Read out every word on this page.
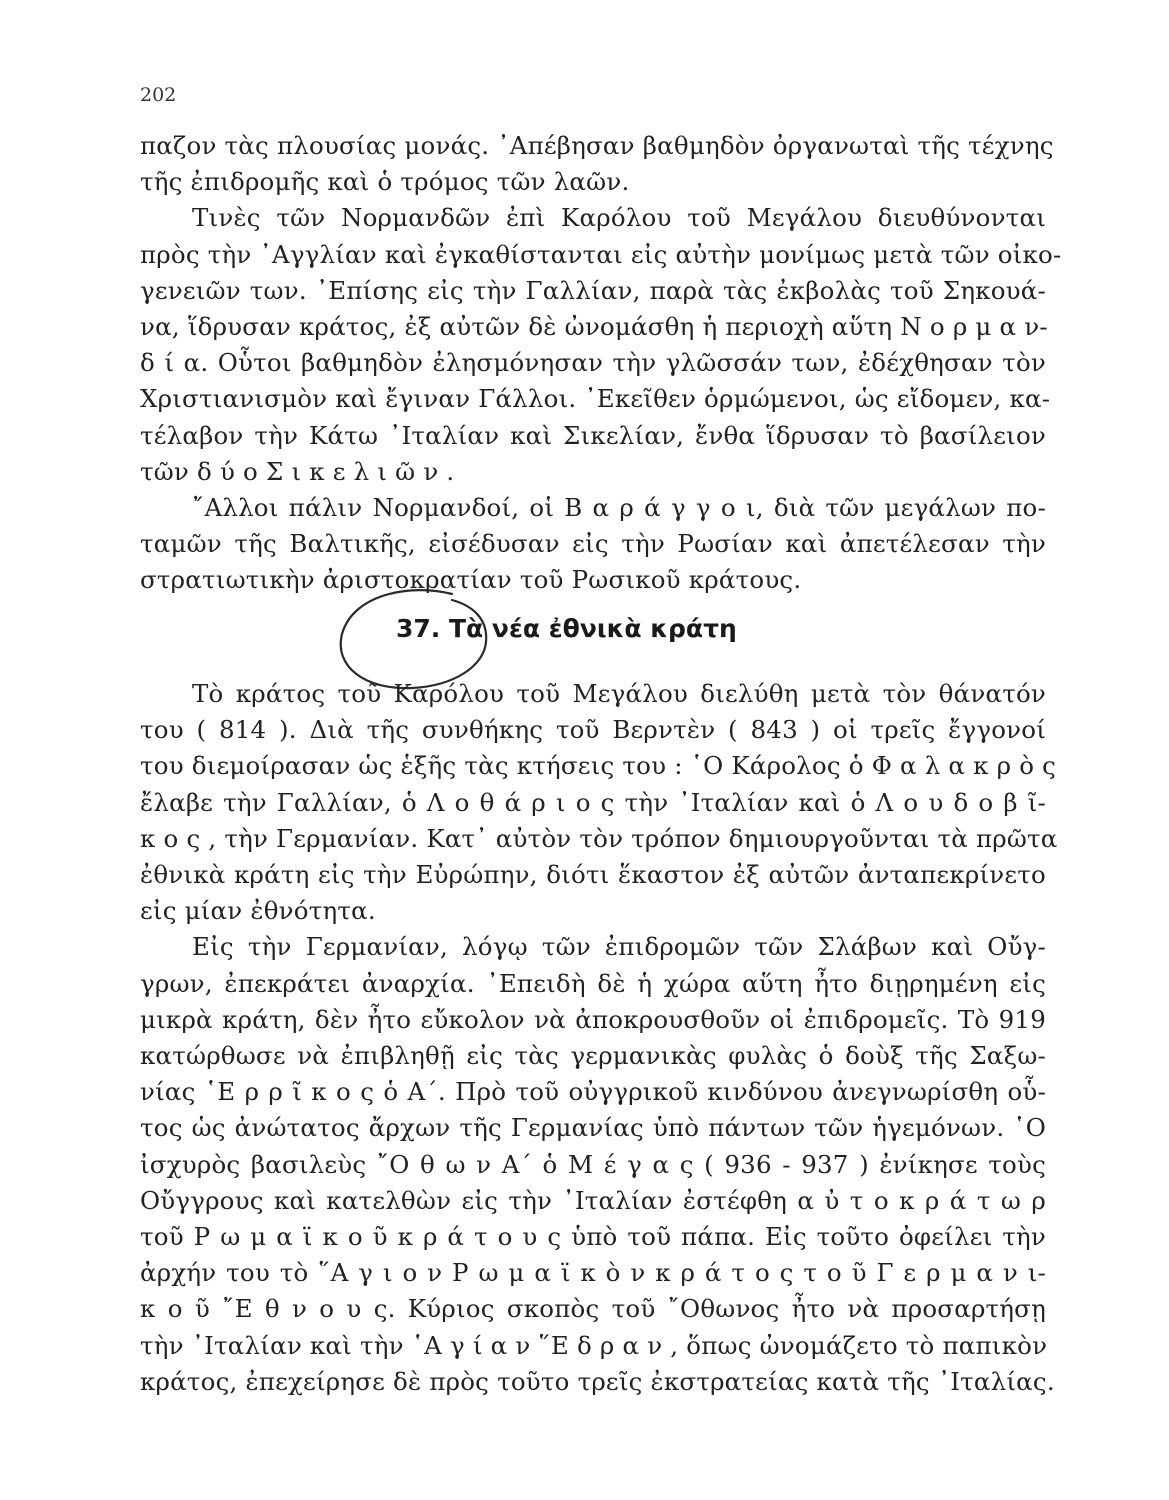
202
παζον τὰς πλουσίας μονάς. ᾿Απέβησαν βαθμηδὸν ὀργανωταὶ τῆς τέχνης
τῆς ἐπιδρομῆς καὶ ὁ τρόμος τῶν λαῶν.
Τινὲς τῶν Νορμανδῶν ἐπὶ Καρόλου τοῦ Μεγάλου διευθύνονται
πρὸς τὴν ᾿Αγγλίαν καὶ ἐγκαθίστανται εἰς αὐτὴν μονίμως μετὰ τῶν οἰκο-
γενειῶν των. ᾿Επίσης εἰς τὴν Γαλλίαν, παρὰ τὰς ἐκβολὰς τοῦ Σηκουά-
να, ἵδρυσαν κράτος, ἐξ αὐτῶν δὲ ὠνομάσθη ἡ περιοχὴ αὕτη Ν ο ρ μ α ν-
δ ί α. Οὗτοι βαθμηδὸν ἐλησμόνησαν τὴν γλῶσσάν των, ἐδέχθησαν τὸν
Χριστιανισμὸν καὶ ἔγιναν Γάλλοι. ᾿Εκεῖθεν ὁρμώμενοι, ὡς εἴδομεν, κα-
τέλαβον τὴν Κάτω ᾿Ιταλίαν καὶ Σικελίαν, ἔνθα ἵδρυσαν τὸ βασίλειον
τῶν δ ύ ο Σ ι κ ε λ ι ῶ ν .
῎Αλλοι πάλιν Νορμανδοί, οἱ Β α ρ ά γ γ ο ι, διὰ τῶν μεγάλων πο-
ταμῶν τῆς Βαλτικῆς, εἰσέδυσαν εἰς τὴν Ρωσίαν καὶ ἀπετέλεσαν τὴν
στρατιωτικὴν ἀριστοκρατίαν τοῦ Ρωσικοῦ κράτους.
37. Τὰ νέα ἐθνικὰ κράτη
Τὸ κράτος τοῦ Καρόλου τοῦ Μεγάλου διελύθη μετὰ τὸν θάνατόν
του ( 814 ). Διὰ τῆς συνθήκης τοῦ Βερντὲν ( 843 ) οἱ τρεῖς ἔγγονοί
του διεμοίρασαν ὡς ἑξῆς τὰς κτήσεις του : ῾Ο Κάρολος ὁ Φ α λ α κ ρ ὸ ς
ἔλαβε τὴν Γαλλίαν, ὁ Λ ο θ ά ρ ι ο ς τὴν ᾿Ιταλίαν καὶ ὁ Λ ο υ δ ο β ῖ-
κ ο ς , τὴν Γερμανίαν. Κατ᾿ αὐτὸν τὸν τρόπον δημιουργοῦνται τὰ πρῶτα
ἐθνικὰ κράτη εἰς τὴν Εὐρώπην, διότι ἕκαστον ἐξ αὐτῶν ἀνταπεκρίνετο
εἰς μίαν ἐθνότητα.
Εἰς τὴν Γερμανίαν, λόγῳ τῶν ἐπιδρομῶν τῶν Σλάβων καὶ Οὔγ-
γρων, ἐπεκράτει ἀναρχία. ᾿Επειδὴ δὲ ἡ χώρα αὕτη ἦτο διῃρημένη εἰς
μικρὰ κράτη, δὲν ἦτο εὔκολον νὰ ἀποκρουσθοῦν οἱ ἐπιδρομεῖς. Τὸ 919
κατώρθωσε νὰ ἐπιβληθῇ εἰς τὰς γερμανικὰς φυλὰς ὁ δοὺξ τῆς Σαξω-
νίας ῾Ε ρ ρ ῖ κ ο ς ὁ Α΄. Πρὸ τοῦ οὐγγρικοῦ κινδύνου ἀνεγνωρίσθη οὗ-
τος ὡς ἀνώτατος ἄρχων τῆς Γερμανίας ὑπὸ πάντων τῶν ἡγεμόνων. ῾Ο
ἰσχυρὸς βασιλεὺς ῎Ο θ ω ν Α΄ ὁ Μ έ γ α ς ( 936 - 937 ) ἐνίκησε τοὺς
Οὔγγρους καὶ κατελθὼν εἰς τὴν ᾿Ιταλίαν ἐστέφθη α ὐ τ ο κ ρ ά τ ω ρ
τοῦ Ρ ω μ α ϊ κ ο ῦ κ ρ ά τ ο υ ς ὑπὸ τοῦ πάπα. Εἰς τοῦτο ὀφείλει τὴν
ἀρχήν του τὸ ῞Α γ ι ο ν Ρ ω μ α ϊ κ ὸ ν κ ρ ά τ ο ς τ ο ῦ Γ ε ρ μ α ν ι-
κ ο ῦ ῎Ε θ ν ο υ ς. Κύριος σκοπὸς τοῦ ῎Οθωνος ἦτο νὰ προσαρτήσῃ
τὴν ᾿Ιταλίαν καὶ τὴν ῾Α γ ί α ν ῞Ε δ ρ α ν , ὅπως ὠνομάζετο τὸ παπικὸν
κράτος, ἐπεχείρησε δὲ πρὸς τοῦτο τρεῖς ἐκστρατείας κατὰ τῆς ᾿Ιταλίας.
